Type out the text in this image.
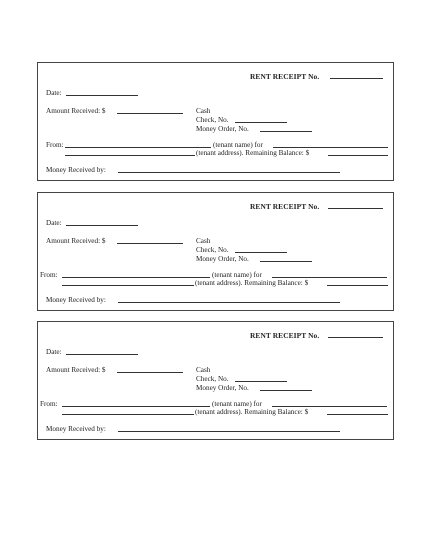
RENT RECEIPT No.
Date:
Amount Received: $	Cash
Check, No.
Money Order, No.
From:	(tenant name) for
(tenant address). Remaining Balance: $
Money Received by:
RENT RECEIPT No.
Date:
Amount Received: $	Cash
Check, No.
Money Order, No.
From:	(tenant name) for
(tenant address). Remaining Balance: $
Money Received by:
RENT RECEIPT No.
Date:
Amount Received: $	Cash
Check, No.
Money Order, No.
From:	(tenant name) for
(tenant address). Remaining Balance: $
Money Received by:
